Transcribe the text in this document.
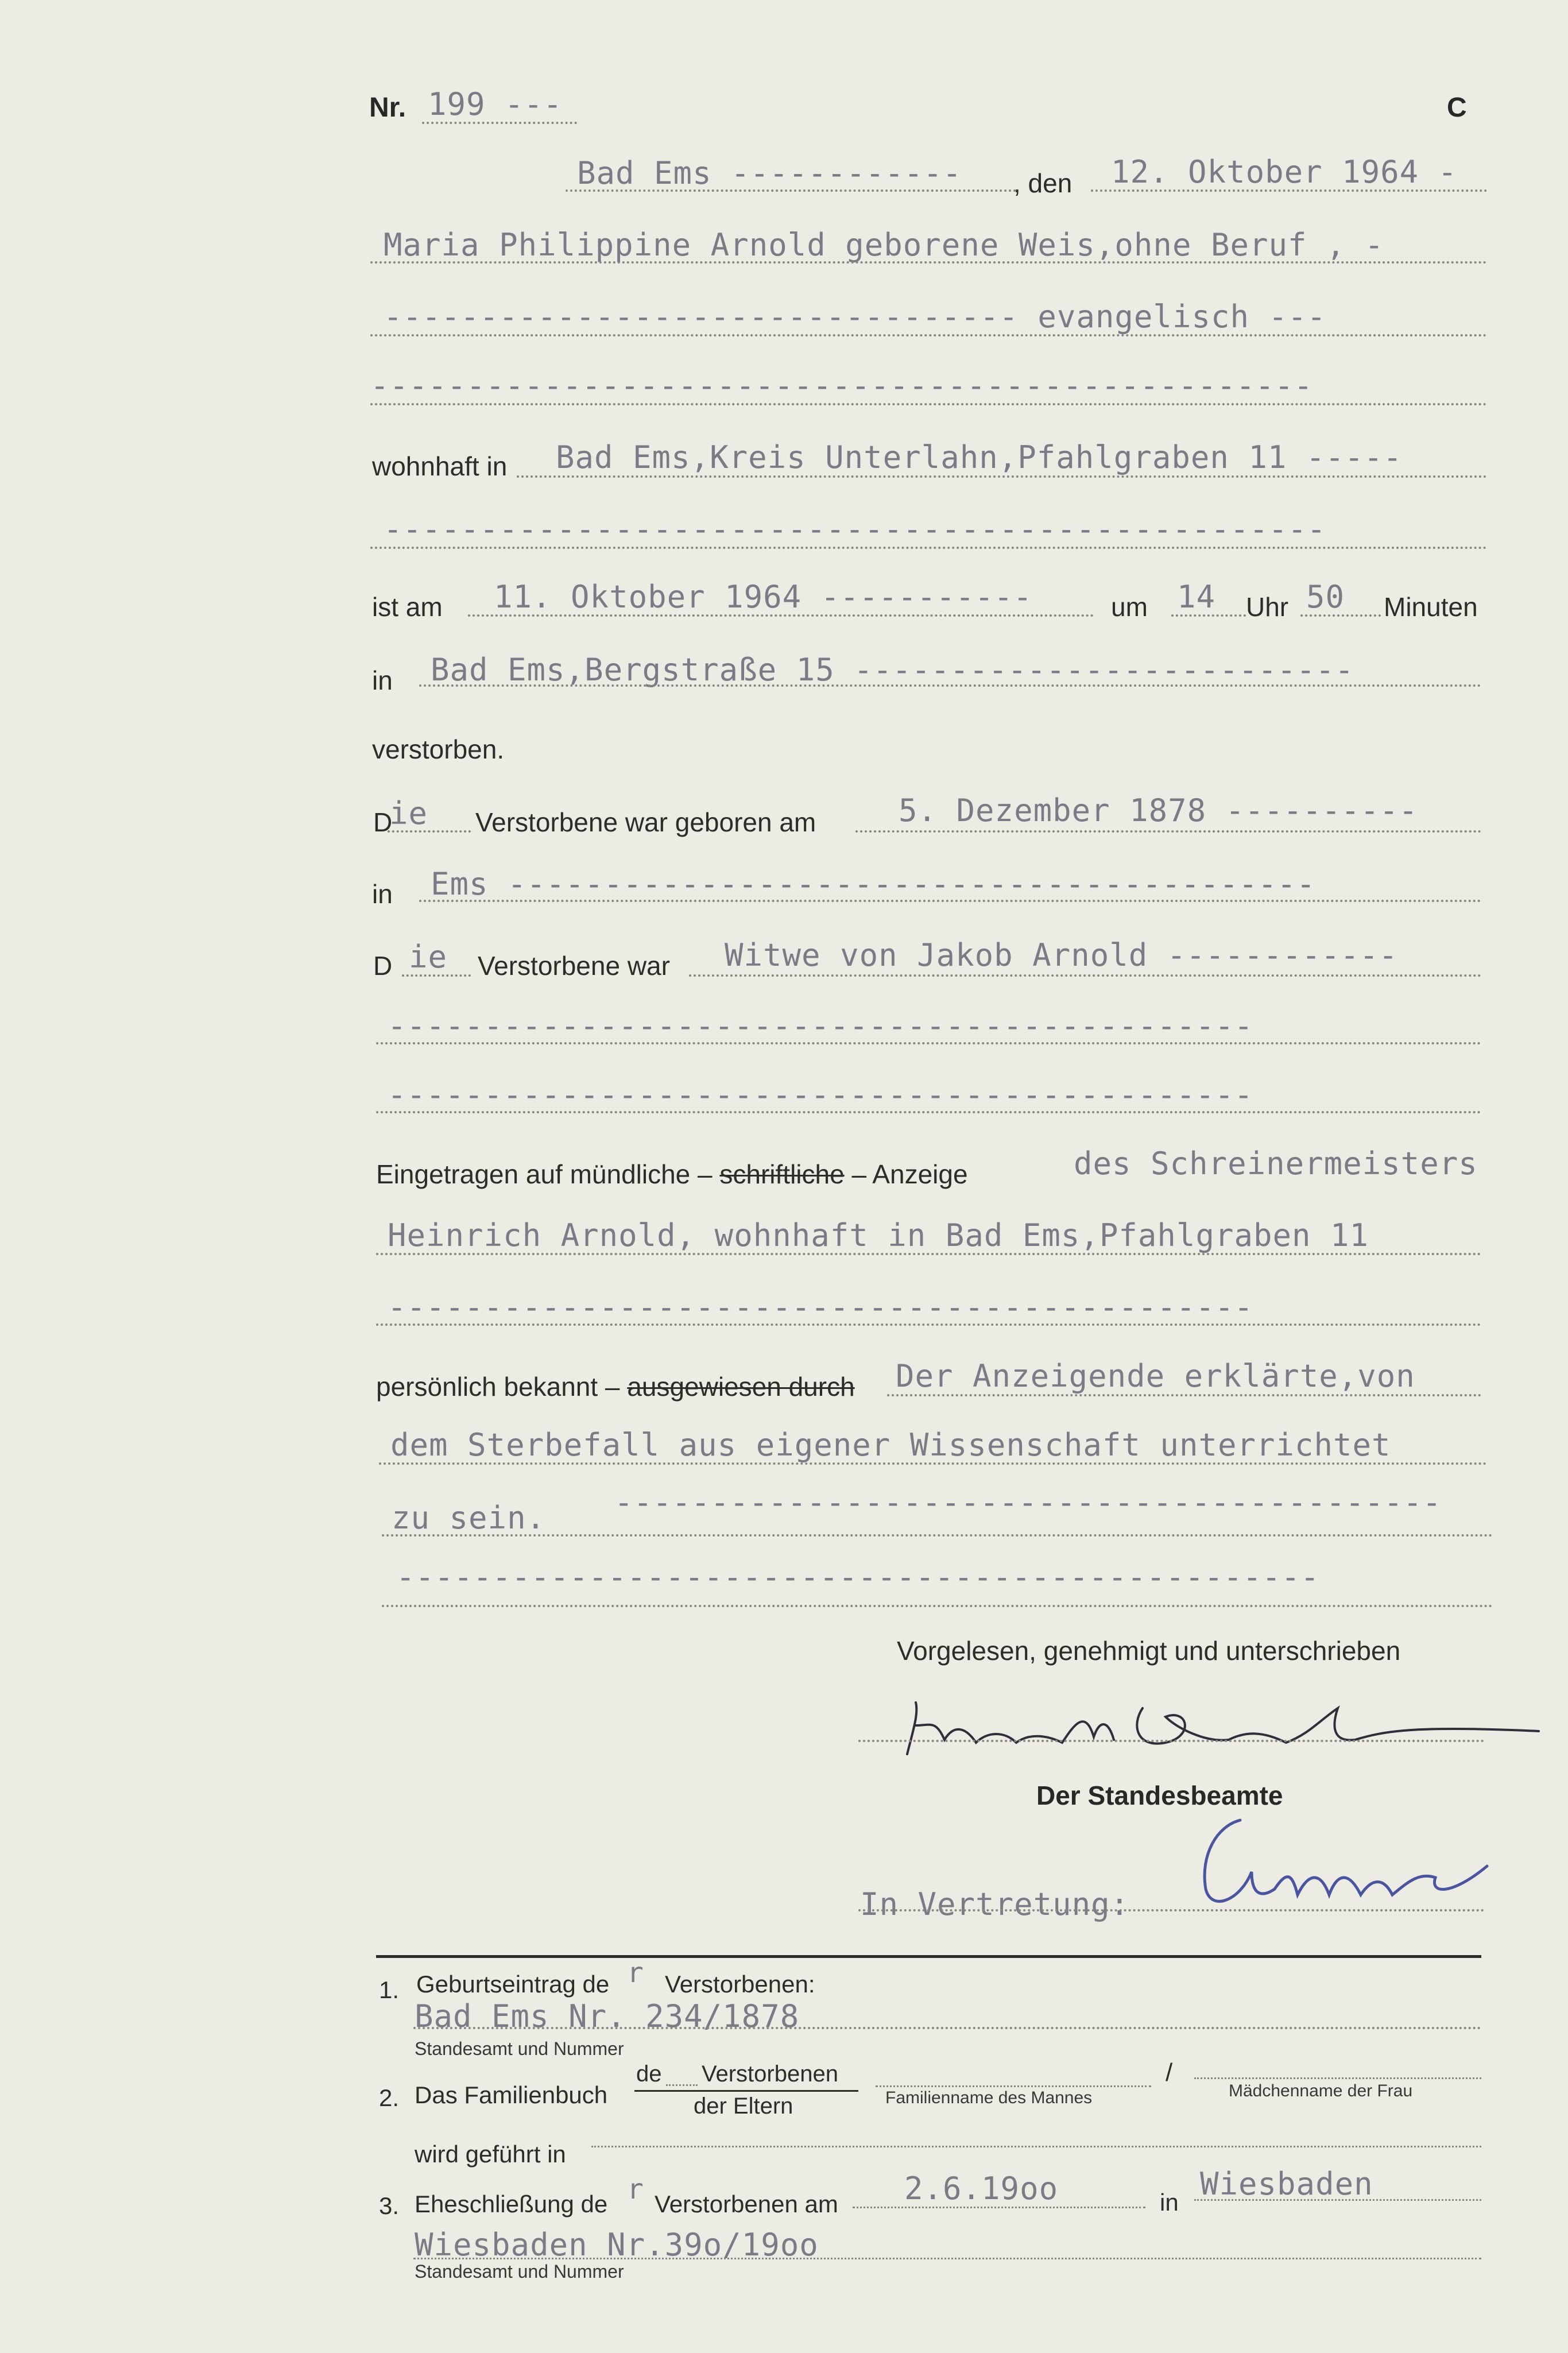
Nr. 199 ---	C
Bad Ems ------------ , den 12. Oktober 1964 -
Maria Philippine Arnold geborene Weis,ohne Beruf , -
--------------------------------- evangelisch ---
-------------------------------------------------
wohnhaft in Bad Ems,Kreis Unterlahn,Pfahlgraben 11 -----
-------------------------------------------------
ist am 11. Oktober 1964 -----------	um 14 Uhr 50 Minuten
in Bad Ems,Bergstraße 15 --------------------------
verstorben.
D
ie Verstorbene war geboren am	5. Dezember 1878 ----------
in Ems ------------------------------------------
D ie Verstorbene war Witwe von Jakob Arnold ------------
---------------------------------------------
---------------------------------------------
Eingetragen auf mündliche – schriftliche – Anzeige	des Schreinermeisters
Heinrich Arnold, wohnhaft in Bad Ems,Pfahlgraben 11
---------------------------------------------
persönlich bekannt – ausgewiesen durch Der Anzeigende erklärte,von
dem Sterbefall aus eigener Wissenschaft unterrichtet
zu sein. -------------------------------------------
------------------------------------------------
Vorgelesen, genehmigt und unterschrieben
Der Standesbeamte
In Vertretung:
1. Geburtseintrag de r Verstorbenen:
Bad Ems Nr. 234/1878
Standesamt und Nummer
2. Das Familienbuch
de Verstorbenen
der Eltern	Familienname des Mannes
/
Mädchenname der Frau
wird geführt in
3. Eheschließung de r Verstorbenen am 2.6.19oo	in
Wiesbaden
Wiesbaden Nr.39o/19oo
Standesamt und Nummer
